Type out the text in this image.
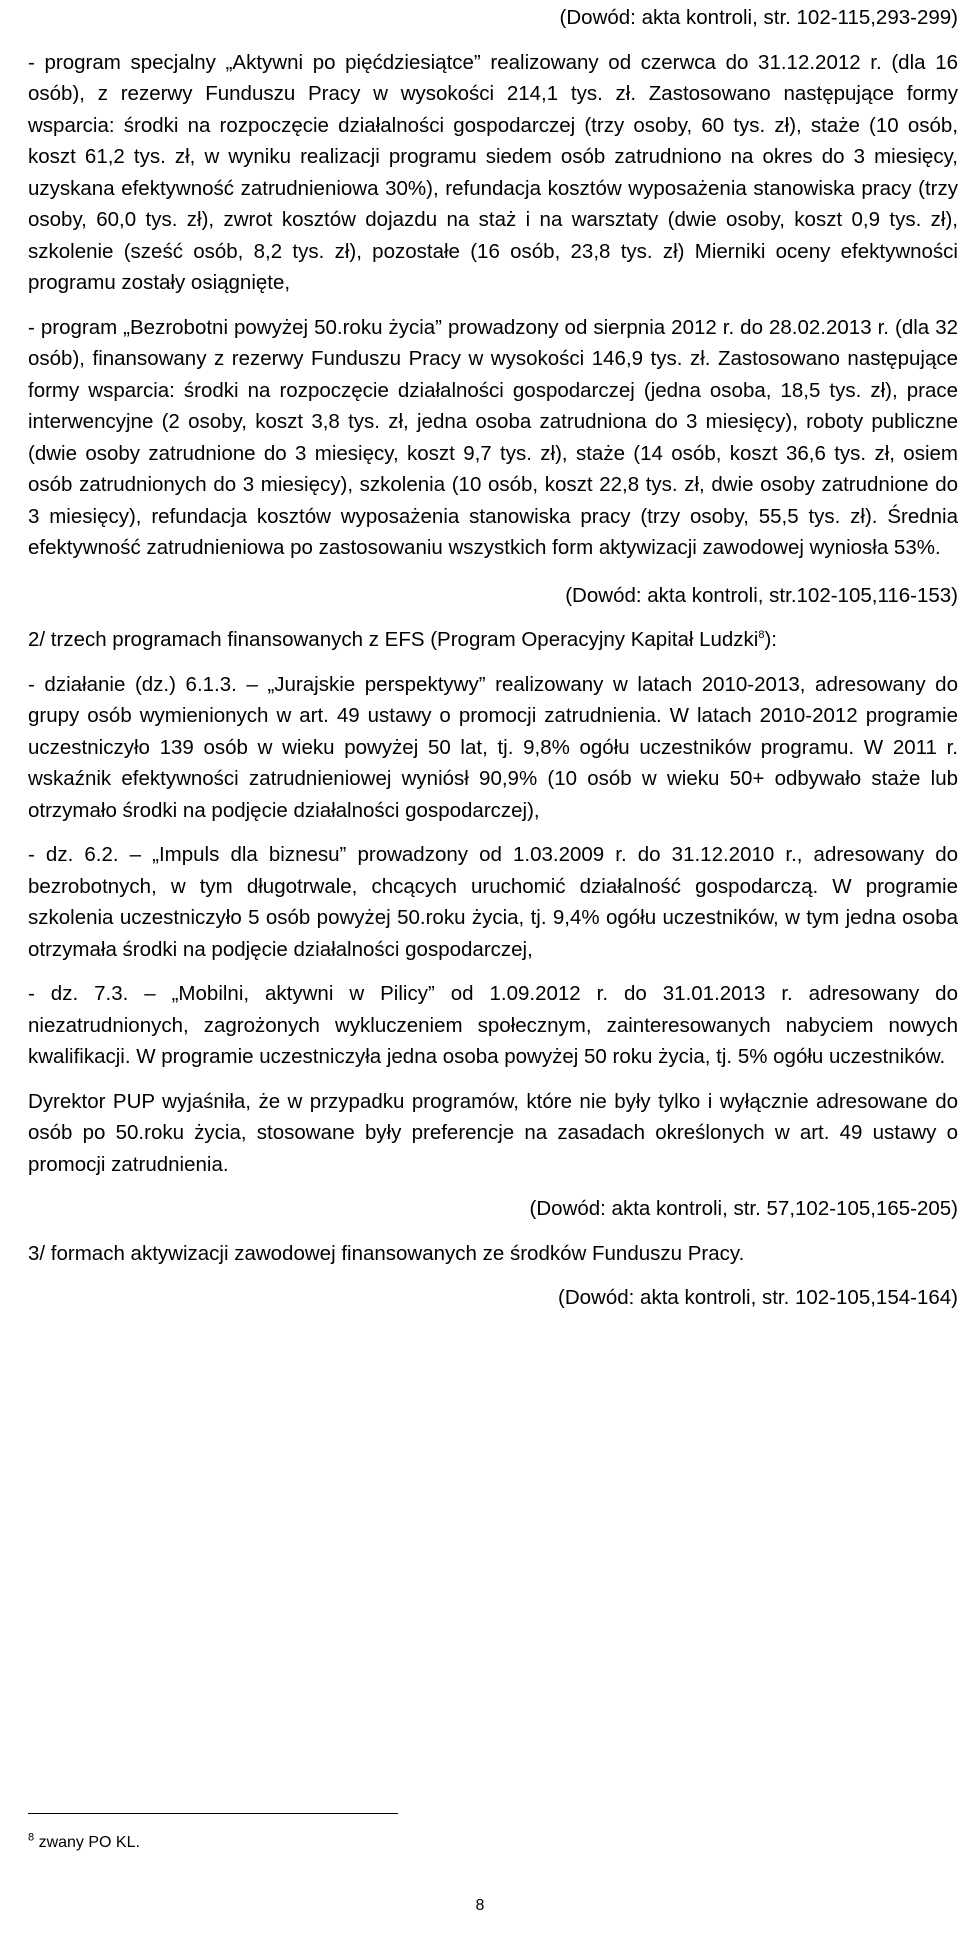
(Dowód: akta kontroli, str. 102-115,293-299)

- program specjalny „Aktywni po pięćdziesiątce” realizowany od czerwca do 31.12.2012 r. (dla 16 osób), z rezerwy Funduszu Pracy w wysokości 214,1 tys. zł. Zastosowano następujące formy wsparcia: środki na rozpoczęcie działalności gospodarczej (trzy osoby, 60 tys. zł), staże (10 osób, koszt 61,2 tys. zł, w wyniku realizacji programu siedem osób zatrudniono na okres do 3 miesięcy, uzyskana efektywność zatrudnieniowa 30%), refundacja kosztów wyposażenia stanowiska pracy (trzy osoby, 60,0 tys. zł), zwrot kosztów dojazdu na staż i na warsztaty (dwie osoby, koszt 0,9 tys. zł), szkolenie (sześć osób, 8,2 tys. zł), pozostałe (16 osób, 23,8 tys. zł) Mierniki oceny efektywności programu zostały osiągnięte,

- program „Bezrobotni powyżej 50.roku życia” prowadzony od sierpnia 2012 r. do 28.02.2013 r. (dla 32 osób), finansowany z rezerwy Funduszu Pracy w wysokości 146,9 tys. zł. Zastosowano następujące formy wsparcia: środki na rozpoczęcie działalności gospodarczej (jedna osoba, 18,5 tys. zł), prace interwencyjne (2 osoby, koszt 3,8 tys. zł, jedna osoba zatrudniona do 3 miesięcy), roboty publiczne (dwie osoby zatrudnione do 3 miesięcy, koszt 9,7 tys. zł), staże (14 osób, koszt 36,6 tys. zł, osiem osób zatrudnionych do 3 miesięcy), szkolenia (10 osób, koszt 22,8 tys. zł, dwie osoby zatrudnione do 3 miesięcy), refundacja kosztów wyposażenia stanowiska pracy (trzy osoby, 55,5 tys. zł). Średnia efektywność zatrudnieniowa po zastosowaniu wszystkich form aktywizacji zawodowej wyniosła 53%.

(Dowód: akta kontroli, str.102-105,116-153)

2/ trzech programach finansowanych z EFS (Program Operacyjny Kapitał Ludzki$^8$):

- działanie (dz.) 6.1.3. – „Jurajskie perspektywy” realizowany w latach 2010-2013, adresowany do grupy osób wymienionych w art. 49 ustawy o promocji zatrudnienia. W latach 2010-2012 programie uczestniczyło 139 osób w wieku powyżej 50 lat, tj. 9,8% ogółu uczestników programu. W 2011 r. wskaźnik efektywności zatrudnieniowej wyniósł 90,9% (10 osób w wieku 50+ odbywało staże lub otrzymało środki na podjęcie działalności gospodarczej),

- dz. 6.2. – „Impuls dla biznesu” prowadzony od 1.03.2009 r. do 31.12.2010 r., adresowany do bezrobotnych, w tym długotrwale, chcących uruchomić działalność gospodarczą. W programie szkolenia uczestniczyło 5 osób powyżej 50.roku życia, tj. 9,4% ogółu uczestników, w tym jedna osoba otrzymała środki na podjęcie działalności gospodarczej,

- dz. 7.3. – „Mobilni, aktywni w Pilicy” od 1.09.2012 r. do 31.01.2013 r. adresowany do niezatrudnionych, zagrożonych wykluczeniem społecznym, zainteresowanych nabyciem nowych kwalifikacji. W programie uczestniczyła jedna osoba powyżej 50 roku życia, tj. 5% ogółu uczestników.

Dyrektor PUP wyjaśniła, że w przypadku programów, które nie były tylko i wyłącznie adresowane do osób po 50.roku życia, stosowane były preferencje na zasadach określonych w art. 49 ustawy o promocji zatrudnienia.

(Dowód: akta kontroli, str. 57,102-105,165-205)

3/ formach aktywizacji zawodowej finansowanych ze środków Funduszu Pracy.

(Dowód: akta kontroli, str. 102-105,154-164)

$^8$ zwany PO KL.
8
